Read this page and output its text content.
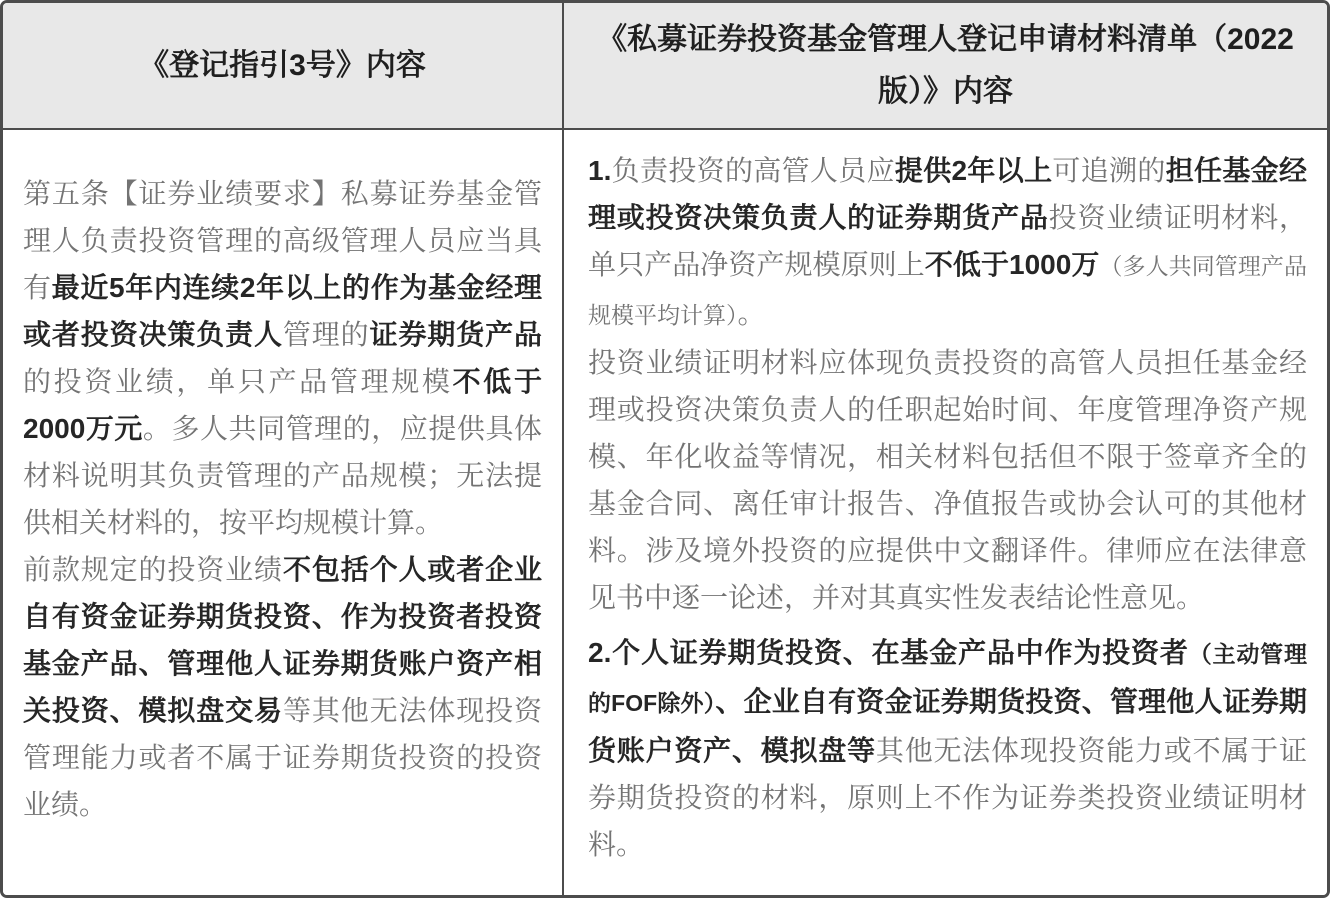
《登记指引3号》内容
《私募证券投资基金管理人登记申请材料清单（2022版）》内容

第五条【证券业绩要求】私募证券基金管理人负责投资管理的高级管理人员应当具有最近5年内连续2年以上的作为基金经理或者投资决策负责人管理的证券期货产品的投资业绩，单只产品管理规模不低于2000万元。多人共同管理的，应提供具体材料说明其负责管理的产品规模；无法提供相关材料的，按平均规模计算。

前款规定的投资业绩不包括个人或者企业自有资金证券期货投资、作为投资者投资基金产品、管理他人证券期货账户资产相关投资、模拟盘交易等其他无法体现投资管理能力或者不属于证券期货投资的投资业绩。

1.负责投资的高管人员应提供2年以上可追溯的担任基金经理或投资决策负责人的证券期货产品投资业绩证明材料，单只产品净资产规模原则上不低于1000万（多人共同管理产品规模平均计算）。

投资业绩证明材料应体现负责投资的高管人员担任基金经理或投资决策负责人的任职起始时间、年度管理净资产规模、年化收益等情况，相关材料包括但不限于签章齐全的基金合同、离任审计报告、净值报告或协会认可的其他材料。涉及境外投资的应提供中文翻译件。律师应在法律意见书中逐一论述，并对其真实性发表结论性意见。

2.个人证券期货投资、在基金产品中作为投资者（主动管理的FOF除外）、企业自有资金证券期货投资、管理他人证券期货账户资产、模拟盘等其他无法体现投资能力或不属于证券期货投资的材料，原则上不作为证券类投资业绩证明材料。
